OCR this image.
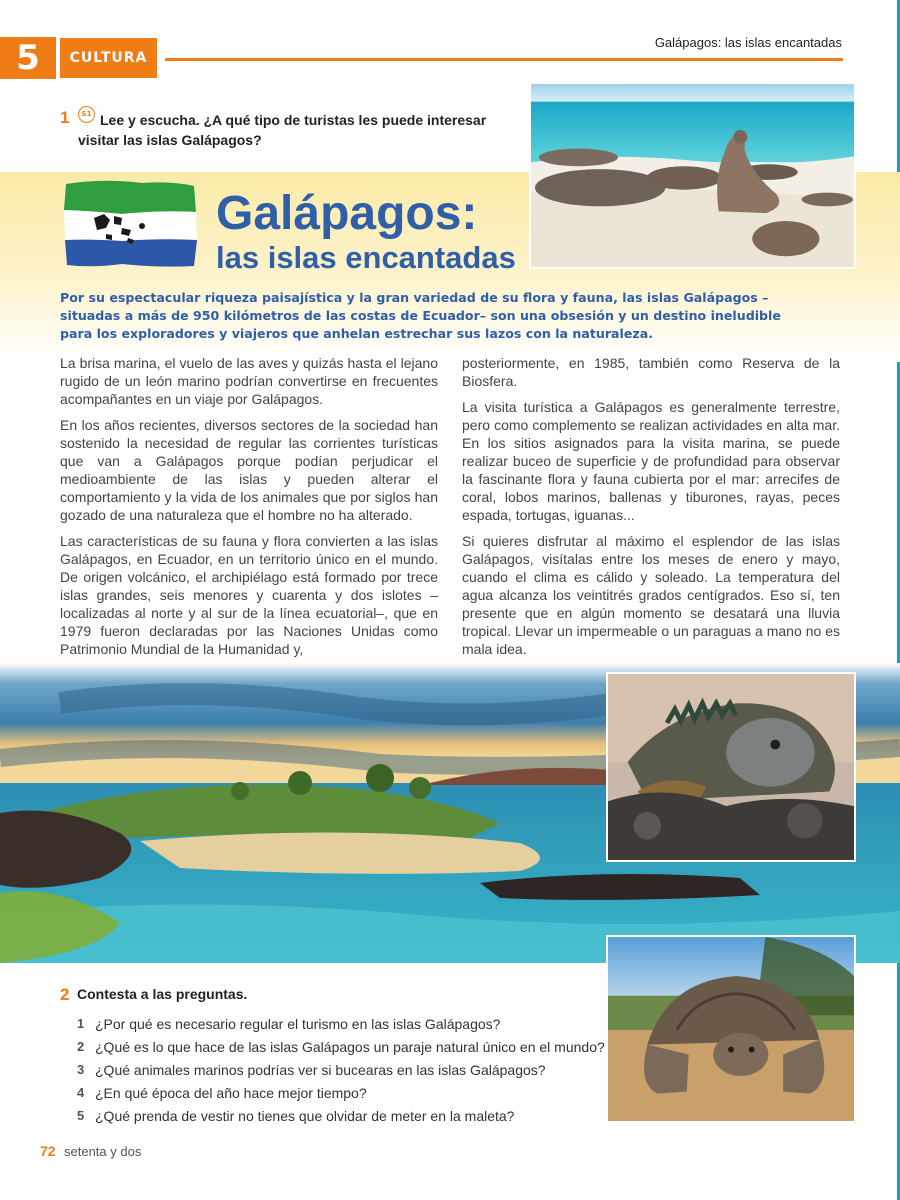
5	CULTURA
Galápagos: las islas encantadas
1	S1 Lee y escucha. ¿A qué tipo de turistas les puede interesar visitar las islas Galápagos?
Galápagos:
las islas encantadas
Por su espectacular riqueza paisajística y la gran variedad de su flora y fauna, las islas Galápagos –situadas a más de 950 kilómetros de las costas de Ecuador– son una obsesión y un destino ineludible para los exploradores y viajeros que anhelan estrechar sus lazos con la naturaleza.

La brisa marina, el vuelo de las aves y quizás hasta el lejano rugido de un león marino podrían convertirse en frecuentes acompañantes en un viaje por Galápagos.

En los años recientes, diversos sectores de la sociedad han sostenido la necesidad de regular las corrientes turísticas que van a Galápagos porque podían perjudicar el medioambiente de las islas y pueden alterar el comportamiento y la vida de los animales que por siglos han gozado de una naturaleza que el hombre no ha alterado.

Las características de su fauna y flora convierten a las islas Galápagos, en Ecuador, en un territorio único en el mundo. De origen volcánico, el archipiélago está formado por trece islas grandes, seis menores y cuarenta y dos islotes –localizadas al norte y al sur de la línea ecuatorial–, que en 1979 fueron declaradas por las Naciones Unidas como Patrimonio Mundial de la Humanidad y,

posteriormente, en 1985, también como Reserva de la Biosfera.

La visita turística a Galápagos es generalmente terrestre, pero como complemento se realizan actividades en alta mar. En los sitios asignados para la visita marina, se puede realizar buceo de superficie y de profundidad para observar la fascinante flora y fauna cubierta por el mar: arrecifes de coral, lobos marinos, ballenas y tiburones, rayas, peces espada, tortugas, iguanas...

Si quieres disfrutar al máximo el esplendor de las islas Galápagos, visítalas entre los meses de enero y mayo, cuando el clima es cálido y soleado. La temperatura del agua alcanza los veintitrés grados centígrados. Eso sí, ten presente que en algún momento se desatará una lluvia tropical. Llevar un impermeable o un paraguas a mano no es mala idea.

2 Contesta a las preguntas.
1 ¿Por qué es necesario regular el turismo en las islas Galápagos?
2 ¿Qué es lo que hace de las islas Galápagos un paraje natural único en el mundo?
3 ¿Qué animales marinos podrías ver si bucearas en las islas Galápagos?
4 ¿En qué época del año hace mejor tiempo?
5 ¿Qué prenda de vestir no tienes que olvidar de meter en la maleta?
72 setenta y dos
